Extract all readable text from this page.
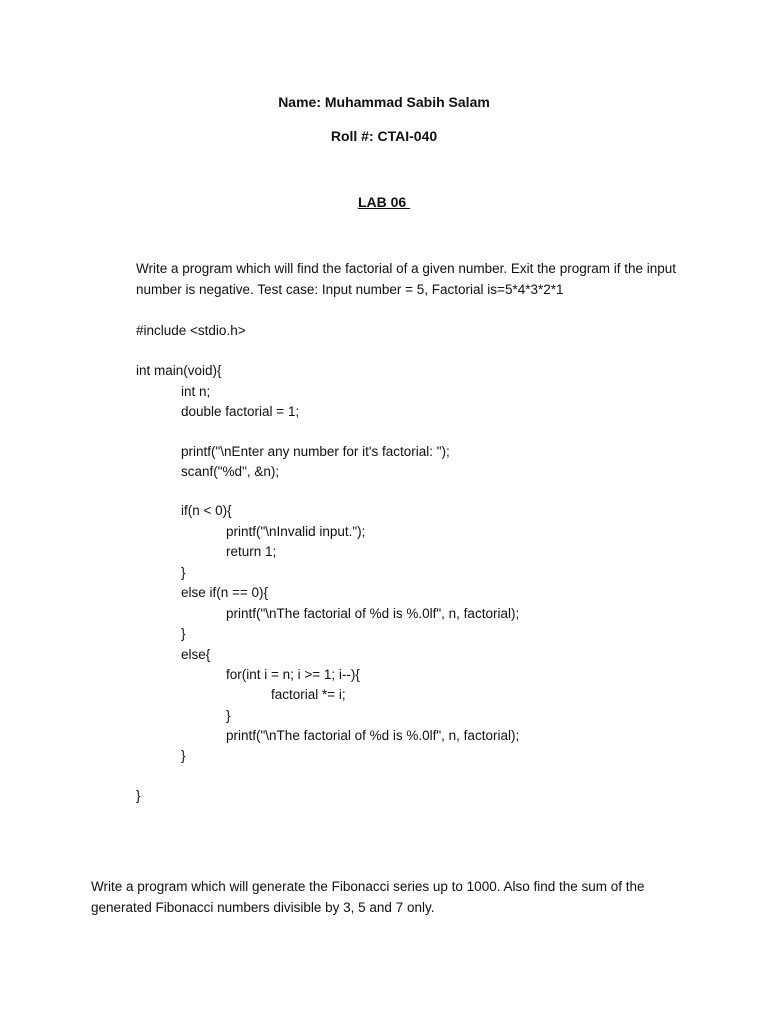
Name: Muhammad Sabih Salam
Roll #: CTAI-040
LAB 06
Write a program which will find the factorial of a given number. Exit the program if the input number is negative. Test case: Input number = 5, Factorial is=5*4*3*2*1
#include <stdio.h>
int main(void){
int n;
double factorial = 1;
printf("\nEnter any number for it's factorial: ");
scanf("%d", &n);
if(n < 0){
printf("\nInvalid input.");
return 1;
}
else if(n == 0){
printf("\nThe factorial of %d is %.0lf", n, factorial);
}
else{
for(int i = n; i >= 1; i--){
factorial *= i;
}
printf("\nThe factorial of %d is %.0lf", n, factorial);
}
}
Write a program which will generate the Fibonacci series up to 1000. Also find the sum of the generated Fibonacci numbers divisible by 3, 5 and 7 only.
